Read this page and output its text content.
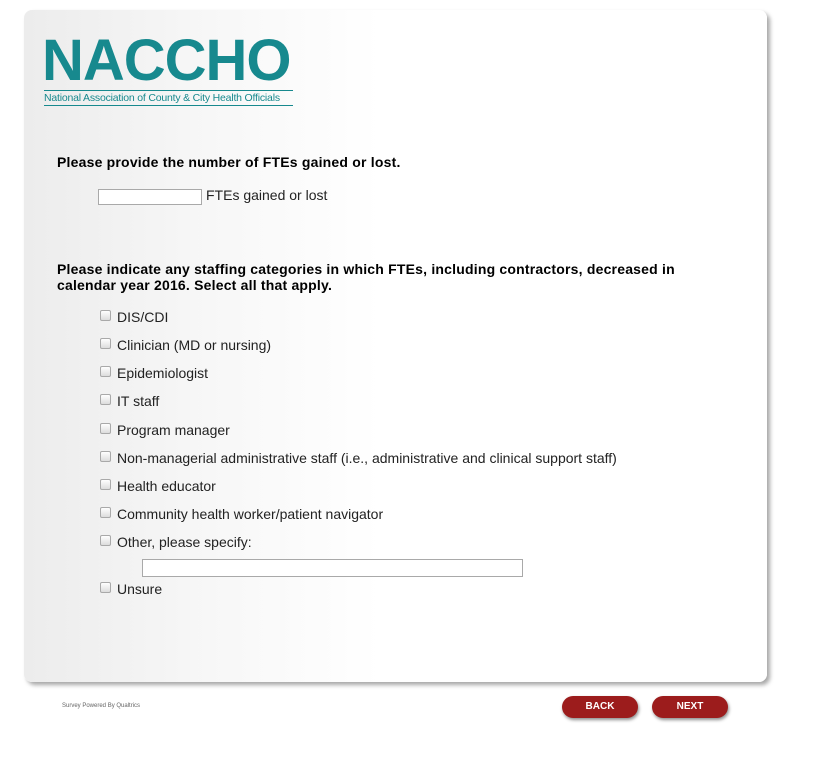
NACCHO
National Association of County & City Health Officials
Please provide the number of FTEs gained or lost.
FTEs gained or lost
Please indicate any staffing categories in which FTEs, including contractors, decreased in calendar year 2016. Select all that apply.
DIS/CDI
Clinician (MD or nursing)
Epidemiologist
IT staff
Program manager
Non-managerial administrative staff (i.e., administrative and clinical support staff)
Health educator
Community health worker/patient navigator
Other, please specify:
Unsure
Survey Powered By Qualtrics	BACK	NEXT
